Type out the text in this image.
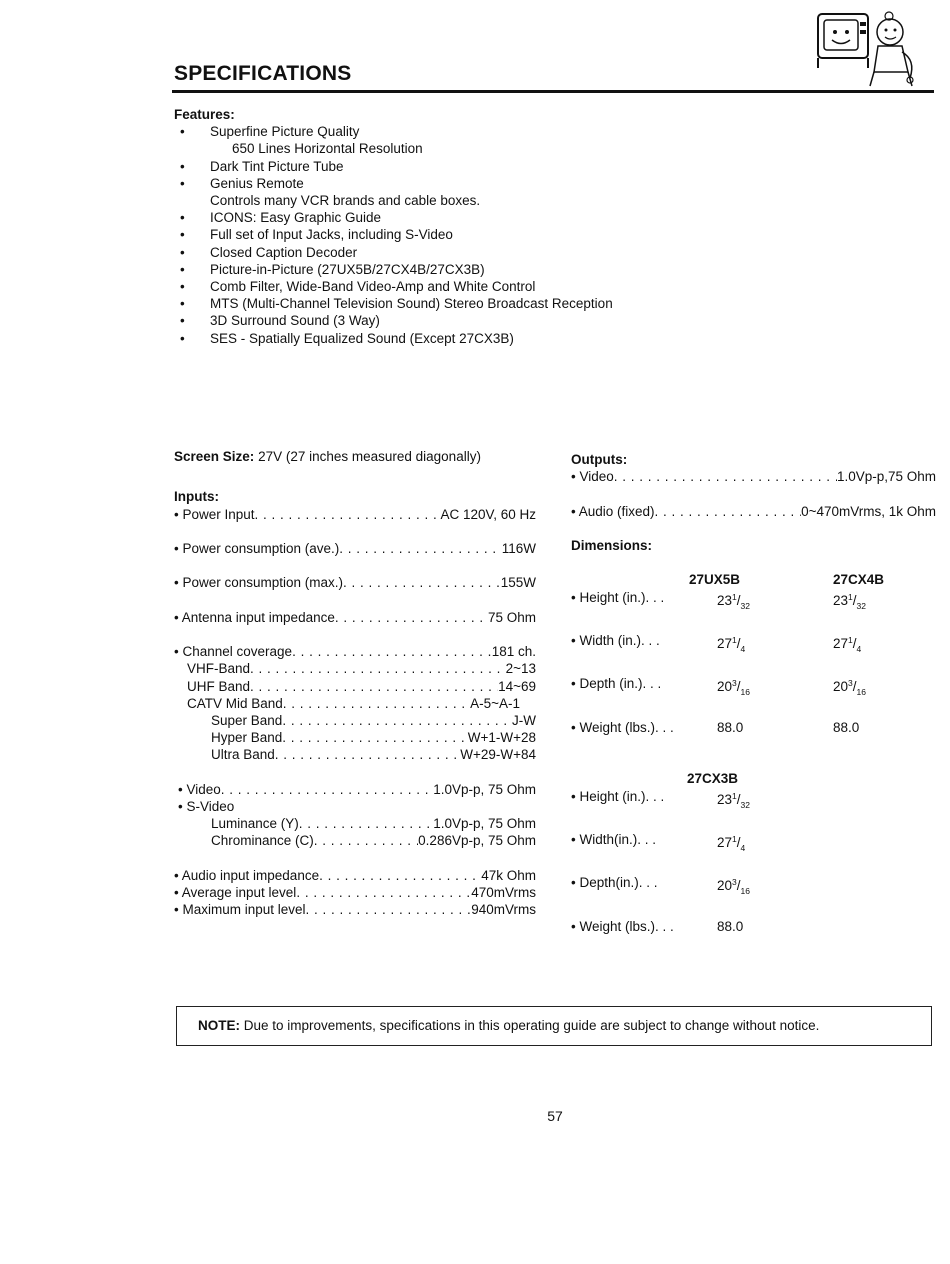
SPECIFICATIONS
Features:
• Superfine Picture Quality
650 Lines Horizontal Resolution
• Dark Tint Picture Tube
• Genius Remote
Controls many VCR brands and cable boxes.
• ICONS: Easy Graphic Guide
• Full set of Input Jacks, including S-Video
• Closed Caption Decoder
• Picture-in-Picture (27UX5B/27CX4B/27CX3B)
• Comb Filter, Wide-Band Video-Amp and White Control
• MTS (Multi-Channel Television Sound) Stereo Broadcast Reception
• 3D Surround Sound (3 Way)
• SES - Spatially Equalized Sound (Except 27CX3B)
Screen Size: 27V (27 inches measured diagonally)
Inputs:
• Power Input . . .	AC 120V, 60 Hz
• Power consumption (ave.) . . .	116W
• Power consumption (max.) . . .	155W
• Antenna input impedance . . .	75 Ohm
• Channel coverage . . .	181 ch.
VHF-Band . . .	2~13
UHF Band . . .	14~69
CATV Mid Band . . .	A-5~A-1
Super Band . . .	J-W
Hyper Band . . .	W+1-W+28
Ultra Band . . .	W+29-W+84
• Video . . .	1.0Vp-p, 75 Ohm
• S-Video
Luminance (Y) . . .	1.0Vp-p, 75 Ohm
Chrominance (C) . . .	0.286Vp-p, 75 Ohm
• Audio input impedance . . .	47k Ohm
• Average input level . . .	470mVrms
• Maximum input level . . .	940mVrms
Outputs:
• Video . . .	1.0Vp-p,75 Ohm
• Audio (fixed) . . .	0~470mVrms, 1k Ohm
Dimensions:
27UX5B	27CX4B
• Height (in.). . .	$23^1/_{32}$	$23^1/_{32}$
• Width (in.). . .	$27^1/_4$	$27^1/_4$
• Depth (in.). . .	$20^3/_{16}$	$20^3/_{16}$
• Weight (lbs.). . .	88.0	88.0
27CX3B
• Height (in.). . .	$23^1/_{32}$
• Width(in.). . .	$27^1/_4$
• Depth(in.). . .	$20^3/_{16}$
• Weight (lbs.). . .	88.0
NOTE: Due to improvements, specifications in this operating guide are subject to change without notice.
57
